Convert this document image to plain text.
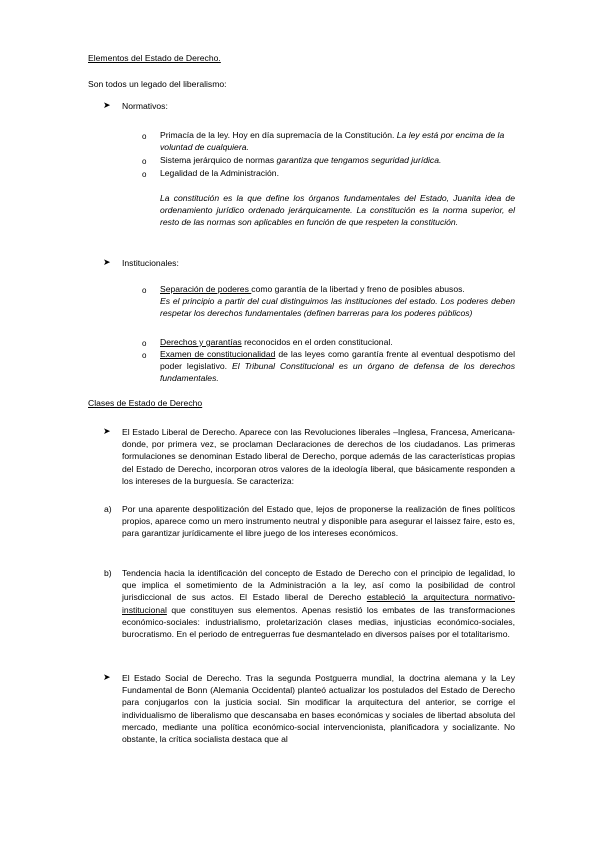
Elementos del Estado de Derecho.
Son todos un legado del liberalismo:
➤ Normativos:
o Primacía de la ley. Hoy en día supremacía de la Constitución. La ley está por encima de la voluntad de cualquiera.
o Sistema jerárquico de normas garantiza que tengamos seguridad jurídica.
o Legalidad de la Administración.
La constitución es la que define los órganos fundamentales del Estado, Juanita idea de ordenamiento jurídico ordenado jerárquicamente. La constitución es la norma superior, el resto de las normas son aplicables en función de que respeten la constitución.
➤ Institucionales:
o Separación de poderes como garantía de la libertad y freno de posibles abusos.
Es el principio a partir del cual distinguimos las instituciones del estado. Los poderes deben respetar los derechos fundamentales (definen barreras para los poderes públicos)
o Derechos y garantías reconocidos en el orden constitucional.
o Examen de constitucionalidad de las leyes como garantía frente al eventual despotismo del poder legislativo. El Tribunal Constitucional es un órgano de defensa de los derechos fundamentales.
Clases de Estado de Derecho
➤ El Estado Liberal de Derecho. Aparece con las Revoluciones liberales –Inglesa, Francesa, Americana- donde, por primera vez, se proclaman Declaraciones de derechos de los ciudadanos. Las primeras formulaciones se denominan Estado liberal de Derecho, porque además de las características propias del Estado de Derecho, incorporan otros valores de la ideología liberal, que básicamente responden a los intereses de la burguesía. Se caracteriza:
a) Por una aparente despolitización del Estado que, lejos de proponerse la realización de fines políticos propios, aparece como un mero instrumento neutral y disponible para asegurar el laissez faire, esto es, para garantizar jurídicamente el libre juego de los intereses económicos.
b) Tendencia hacia la identificación del concepto de Estado de Derecho con el principio de legalidad, lo que implica el sometimiento de la Administración a la ley, así como la posibilidad de control jurisdiccional de sus actos. El Estado liberal de Derecho estableció la arquitectura normativo-institucional que constituyen sus elementos. Apenas resistió los embates de las transformaciones económico-sociales: industrialismo, proletarización clases medias, injusticias económico-sociales, burocratismo. En el periodo de entreguerras fue desmantelado en diversos países por el totalitarismo.
➤ El Estado Social de Derecho. Tras la segunda Postguerra mundial, la doctrina alemana y la Ley Fundamental de Bonn (Alemania Occidental) planteó actualizar los postulados del Estado de Derecho para conjugarlos con la justicia social. Sin modificar la arquitectura del anterior, se corrige el individualismo de liberalismo que descansaba en bases económicas y sociales de libertad absoluta del mercado, mediante una política económico-social intervencionista, planificadora y socializante. No obstante, la crítica socialista destaca que al
